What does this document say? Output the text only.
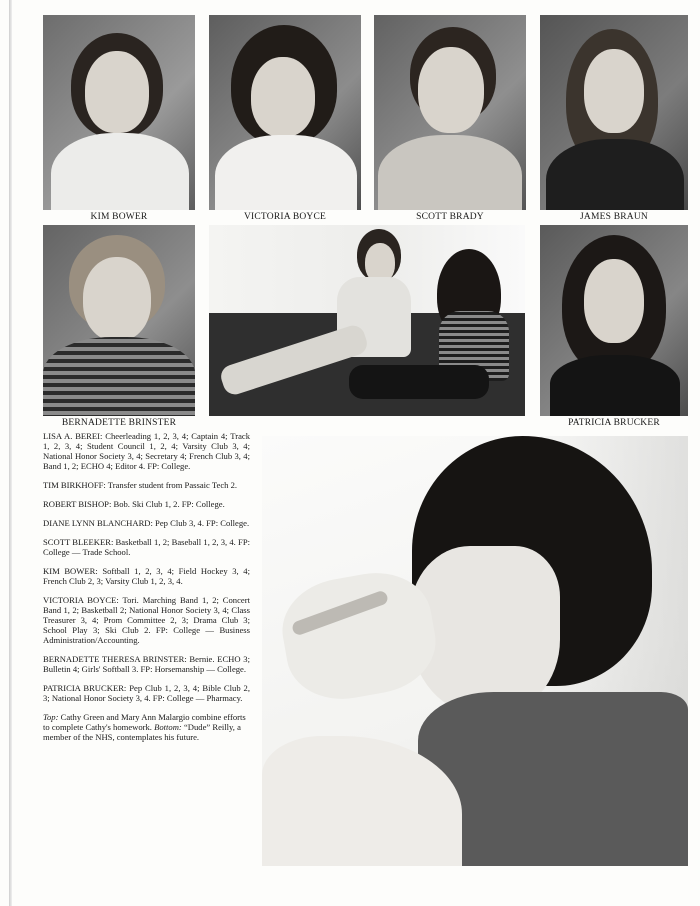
KIM BOWER	VICTORIA BOYCE	SCOTT BRADY	JAMES BRAUN
BERNADETTE BRINSTER	PATRICIA BRUCKER

LISA A. BEREI: Cheerleading 1, 2, 3, 4; Captain 4; Track 1, 2, 3, 4; Student Council 1, 2, 4; Varsity Club 3, 4; National Honor Society 3, 4; Secretary 4; French Club 3, 4; Band 1, 2; ECHO 4; Editor 4. FP: College.

TIM BIRKHOFF: Transfer student from Passaic Tech 2.

ROBERT BISHOP: Bob. Ski Club 1, 2. FP: College.

DIANE LYNN BLANCHARD: Pep Club 3, 4. FP: College.

SCOTT BLEEKER: Basketball 1, 2; Baseball 1, 2, 3, 4. FP: College — Trade School.

KIM BOWER: Softball 1, 2, 3, 4; Field Hockey 3, 4; French Club 2, 3; Varsity Club 1, 2, 3, 4.

VICTORIA BOYCE: Tori. Marching Band 1, 2; Concert Band 1, 2; Basketball 2; National Honor Society 3, 4; Class Treasurer 3, 4; Prom Committee 2, 3; Drama Club 3; School Play 3; Ski Club 2. FP: College — Business Administration/Accounting.

BERNADETTE THERESA BRINSTER: Bernie. ECHO 3; Bulletin 4; Girls' Softball 3. FP: Horsemanship — College.

PATRICIA BRUCKER: Pep Club 1, 2, 3, 4; Bible Club 2, 3; National Honor Society 3, 4. FP: College — Pharmacy.

Top: Cathy Green and Mary Ann Malargio combine efforts to complete Cathy's homework. Bottom: “Dude” Reilly, a member of the NHS, contemplates his future.
